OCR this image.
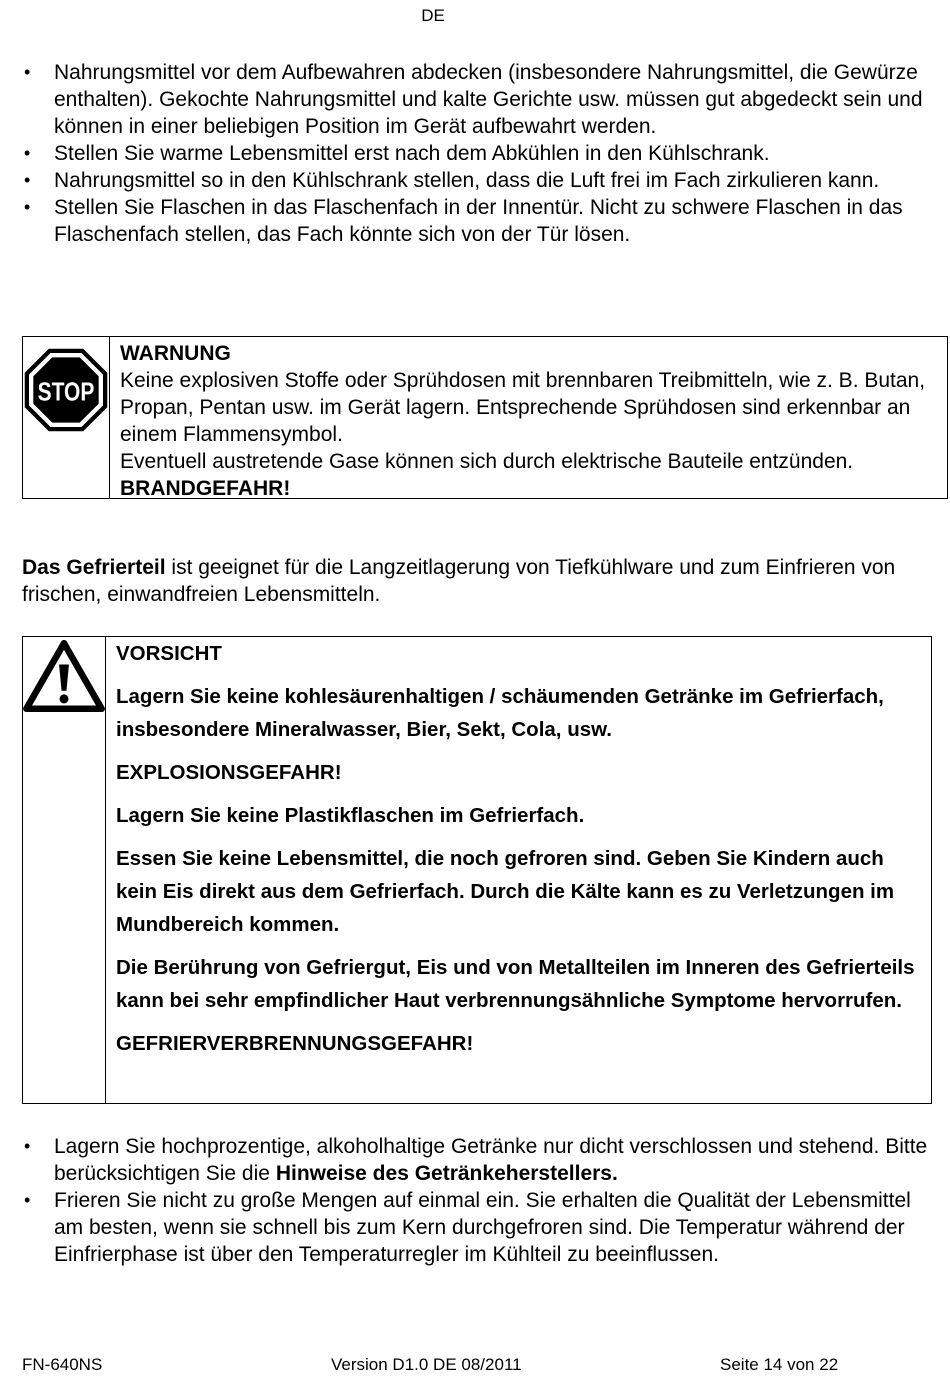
DE
• Nahrungsmittel vor dem Aufbewahren abdecken (insbesondere Nahrungsmittel, die Gewürze enthalten). Gekochte Nahrungsmittel und kalte Gerichte usw. müssen gut abgedeckt sein und können in einer beliebigen Position im Gerät aufbewahrt werden.
• Stellen Sie warme Lebensmittel erst nach dem Abkühlen in den Kühlschrank.
• Nahrungsmittel so in den Kühlschrank stellen, dass die Luft frei im Fach zirkulieren kann.
• Stellen Sie Flaschen in das Flaschenfach in der Innentür. Nicht zu schwere Flaschen in das Flaschenfach stellen, das Fach könnte sich von der Tür lösen.
STOP
WARNUNG
Keine explosiven Stoffe oder Sprühdosen mit brennbaren Treibmitteln, wie z. B. Butan, Propan, Pentan usw. im Gerät lagern. Entsprechende Sprühdosen sind erkennbar an einem Flammensymbol.
Eventuell austretende Gase können sich durch elektrische Bauteile entzünden. BRANDGEFAHR!
Das Gefrierteil ist geeignet für die Langzeitlagerung von Tiefkühlware und zum Einfrieren von frischen, einwandfreien Lebensmitteln.

VORSICHT

Lagern Sie keine kohlesäurenhaltigen / schäumenden Getränke im Gefrierfach, insbesondere Mineralwasser, Bier, Sekt, Cola, usw.

EXPLOSIONSGEFAHR!

Lagern Sie keine Plastikflaschen im Gefrierfach.

Essen Sie keine Lebensmittel, die noch gefroren sind. Geben Sie Kindern auch kein Eis direkt aus dem Gefrierfach. Durch die Kälte kann es zu Verletzungen im Mundbereich kommen.

Die Berührung von Gefriergut, Eis und von Metallteilen im Inneren des Gefrierteils kann bei sehr empfindlicher Haut verbrennungsähnliche Symptome hervorrufen.

GEFRIERVERBRENNUNGSGEFAHR!

• Lagern Sie hochprozentige, alkoholhaltige Getränke nur dicht verschlossen und stehend. Bitte berücksichtigen Sie die Hinweise des Getränkeherstellers.
• Frieren Sie nicht zu große Mengen auf einmal ein. Sie erhalten die Qualität der Lebensmittel am besten, wenn sie schnell bis zum Kern durchgefroren sind. Die Temperatur während der Einfrierphase ist über den Temperaturregler im Kühlteil zu beeinflussen.
FN-640NS	Version D1.0 DE 08/2011	Seite 14 von 22
